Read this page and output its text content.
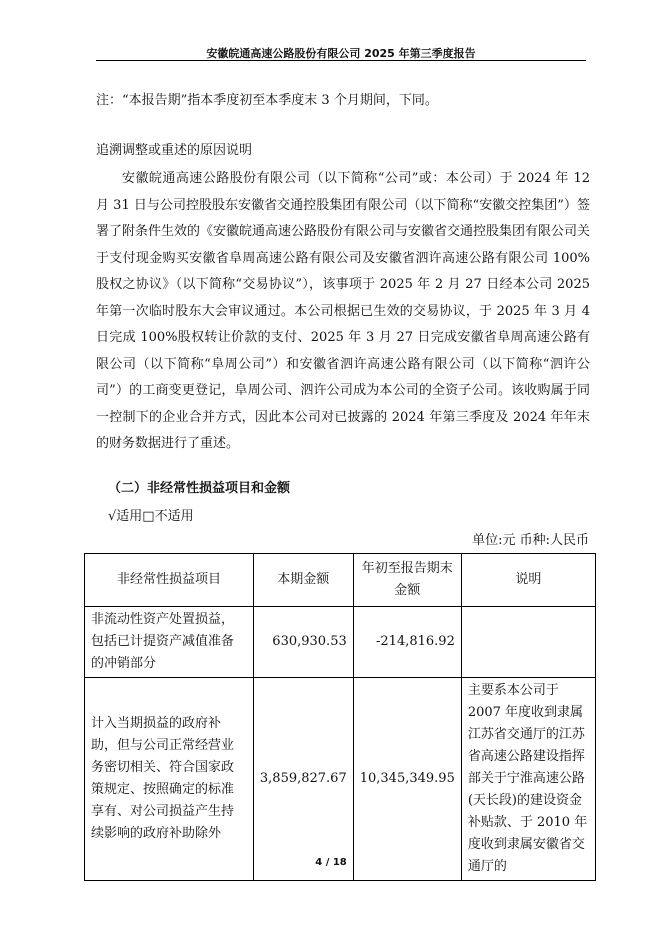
安徽皖通高速公路股份有限公司 2025 年第三季度报告
注：“本报告期”指本季度初至本季度末 3 个月期间，下同。
追溯调整或重述的原因说明
安徽皖通高速公路股份有限公司（以下简称“公司”或：本公司）于 2024 年 12 月 31 日与公司控股股东安徽省交通控股集团有限公司（以下简称“安徽交控集团”）签署了附条件生效的《安徽皖通高速公路股份有限公司与安徽省交通控股集团有限公司关于支付现金购买安徽省阜周高速公路有限公司及安徽省泗许高速公路有限公司 100%股权之协议》（以下简称“交易协议”），该事项于 2025 年 2 月 27 日经本公司 2025 年第一次临时股东大会审议通过。本公司根据已生效的交易协议，于 2025 年 3 月 4 日完成 100%股权转让价款的支付、2025 年 3 月 27 日完成安徽省阜周高速公路有限公司（以下简称“阜周公司”）和安徽省泗许高速公路有限公司（以下简称“泗许公司”）的工商变更登记，阜周公司、泗许公司成为本公司的全资子公司。该收购属于同一控制下的企业合并方式，因此本公司对已披露的 2024 年第三季度及 2024 年年末的财务数据进行了重述。
（二）非经常性损益项目和金额
√适用□不适用
单位:元 币种:人民币
非经常性损益项目	本期金额	年初至报告期末金额	说明
非流动性资产处置损益，包括已计提资产减值准备的冲销部分	630,930.53	-214,816.92	
计入当期损益的政府补助，但与公司正常经营业务密切相关、符合国家政策规定、按照确定的标准享有、对公司损益产生持续影响的政府补助除外	3,859,827.67	10,345,349.95	主要系本公司于 2007 年度收到隶属江苏省交通厅的江苏省高速公路建设指挥部关于宁淮高速公路(天长段)的建设资金补贴款、于 2010 年度收到隶属安徽省交通厅的
4 / 18
